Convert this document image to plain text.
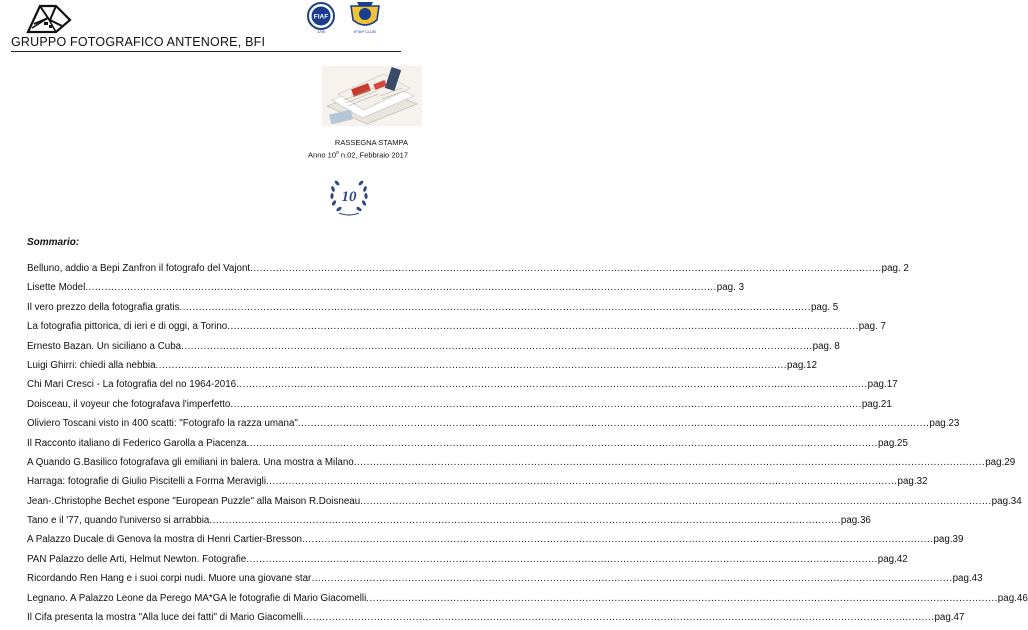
FIAF
1/98	IFIAP CLUB
GRUPPO FOTOGRAFICO ANTENORE, BFI
RASSEGNA STAMPA
Anno 10$^o$ n.02, Febbraio 2017
10
Sommario:
Belluno, addio a Bepi Zanfron il fotografo del Vajont .....	pag. 2
Lisette Model .....	pag. 3
Il vero prezzo della fotografia gratis .....	pag. 5
La fotografia pittorica, di ieri e di oggi, a Torino .....	pag. 7
Ernesto Bazan. Un siciliano a Cuba .....	pag. 8
Luigi Ghirri: chiedi alla nebbia .....	pag.12
Chi Mari Cresci - La fotografia del no 1964-2016 .....	pag.17
Doisceau, il voyeur che fotografava l'imperfetto .....	pag.21
Oliviero Toscani visto in 400 scatti: "Fotografo la razza umana" .....	pag.23
Il Racconto italiano di Federico Garolla a Piacenza .....	pag.25
A Quando G.Basilico fotografava gli emiliani in balera. Una mostra a Milano .....	pag.29
Harraga: fotografie di Giulio Piscitelli a Forma Meravigli .....	pag.32
Jean-.Christophe Bechet espone "European Puzzle" alla Maison R.Doisneau .....	pag.34
Tano e il '77, quando l'universo si arrabbia .....	pag.36
A Palazzo Ducale di Genova la mostra di Henri Cartier-Bresson .....	pag.39
PAN Palazzo delle Arti, Helmut Newton. Fotografie .....	pag.42
Ricordando Ren Hang e i suoi corpi nudi. Muore una giovane star… .....	pag.43
Legnano. A Palazzo Leone da Perego MA*GA le fotografie di Mario Giacomelli .....	pag.46
Il Cifa presenta la mostra "Alla luce dei fatti" di Mario Giacomelli .....	pag.47
